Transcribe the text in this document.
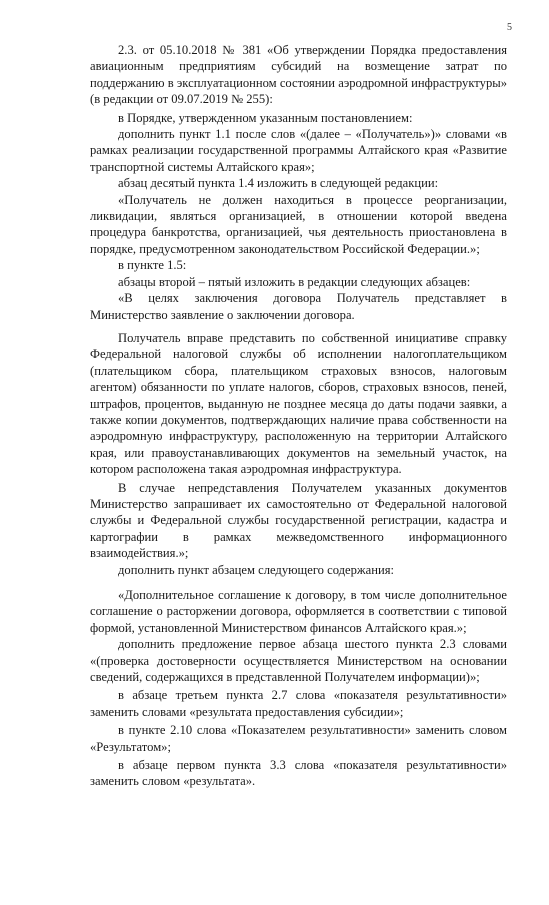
5

2.3. от 05.10.2018 № 381 «Об утверждении Порядка предоставления авиационным предприятиям субсидий на возмещение затрат по поддержанию в эксплуатационном состоянии аэродромной инфраструктуры» (в редакции от 09.07.2019 № 255):

в Порядке, утвержденном указанным постановлением:

дополнить пункт 1.1 после слов «(далее – «Получатель»)» словами «в рамках реализации государственной программы Алтайского края «Развитие транспортной системы Алтайского края»;

абзац десятый пункта 1.4 изложить в следующей редакции:

«Получатель не должен находиться в процессе реорганизации, ликвидации, являться организацией, в отношении которой введена процедура банкротства, организацией, чья деятельность приостановлена в порядке, предусмотренном законодательством Российской Федерации.»;

в пункте 1.5:

абзацы второй – пятый изложить в редакции следующих абзацев:

«В целях заключения договора Получатель представляет в Министерство заявление о заключении договора.

Получатель вправе представить по собственной инициативе справку Федеральной налоговой службы об исполнении налогоплательщиком (плательщиком сбора, плательщиком страховых взносов, налоговым агентом) обязанности по уплате налогов, сборов, страховых взносов, пеней, штрафов, процентов, выданную не позднее месяца до даты подачи заявки, а также копии документов, подтверждающих наличие права собственности на аэродромную инфраструктуру, расположенную на территории Алтайского края, или правоустанавливающих документов на земельный участок, на котором расположена такая аэродромная инфраструктура.

В случае непредставления Получателем указанных документов Министерство запрашивает их самостоятельно от Федеральной налоговой службы и Федеральной службы государственной регистрации, кадастра и картографии в рамках межведомственного информационного взаимодействия.»;

дополнить пункт абзацем следующего содержания:

«Дополнительное соглашение к договору, в том числе дополнительное соглашение о расторжении договора, оформляется в соответствии с типовой формой, установленной Министерством финансов Алтайского края.»;

дополнить предложение первое абзаца шестого пункта 2.3 словами «(проверка достоверности осуществляется Министерством на основании сведений, содержащихся в представленной Получателем информации)»;

в абзаце третьем пункта 2.7 слова «показателя результативности» заменить словами «результата предоставления субсидии»;

в пункте 2.10 слова «Показателем результативности» заменить словом «Результатом»;

в абзаце первом пункта 3.3 слова «показателя результативности» заменить словом «результата».
